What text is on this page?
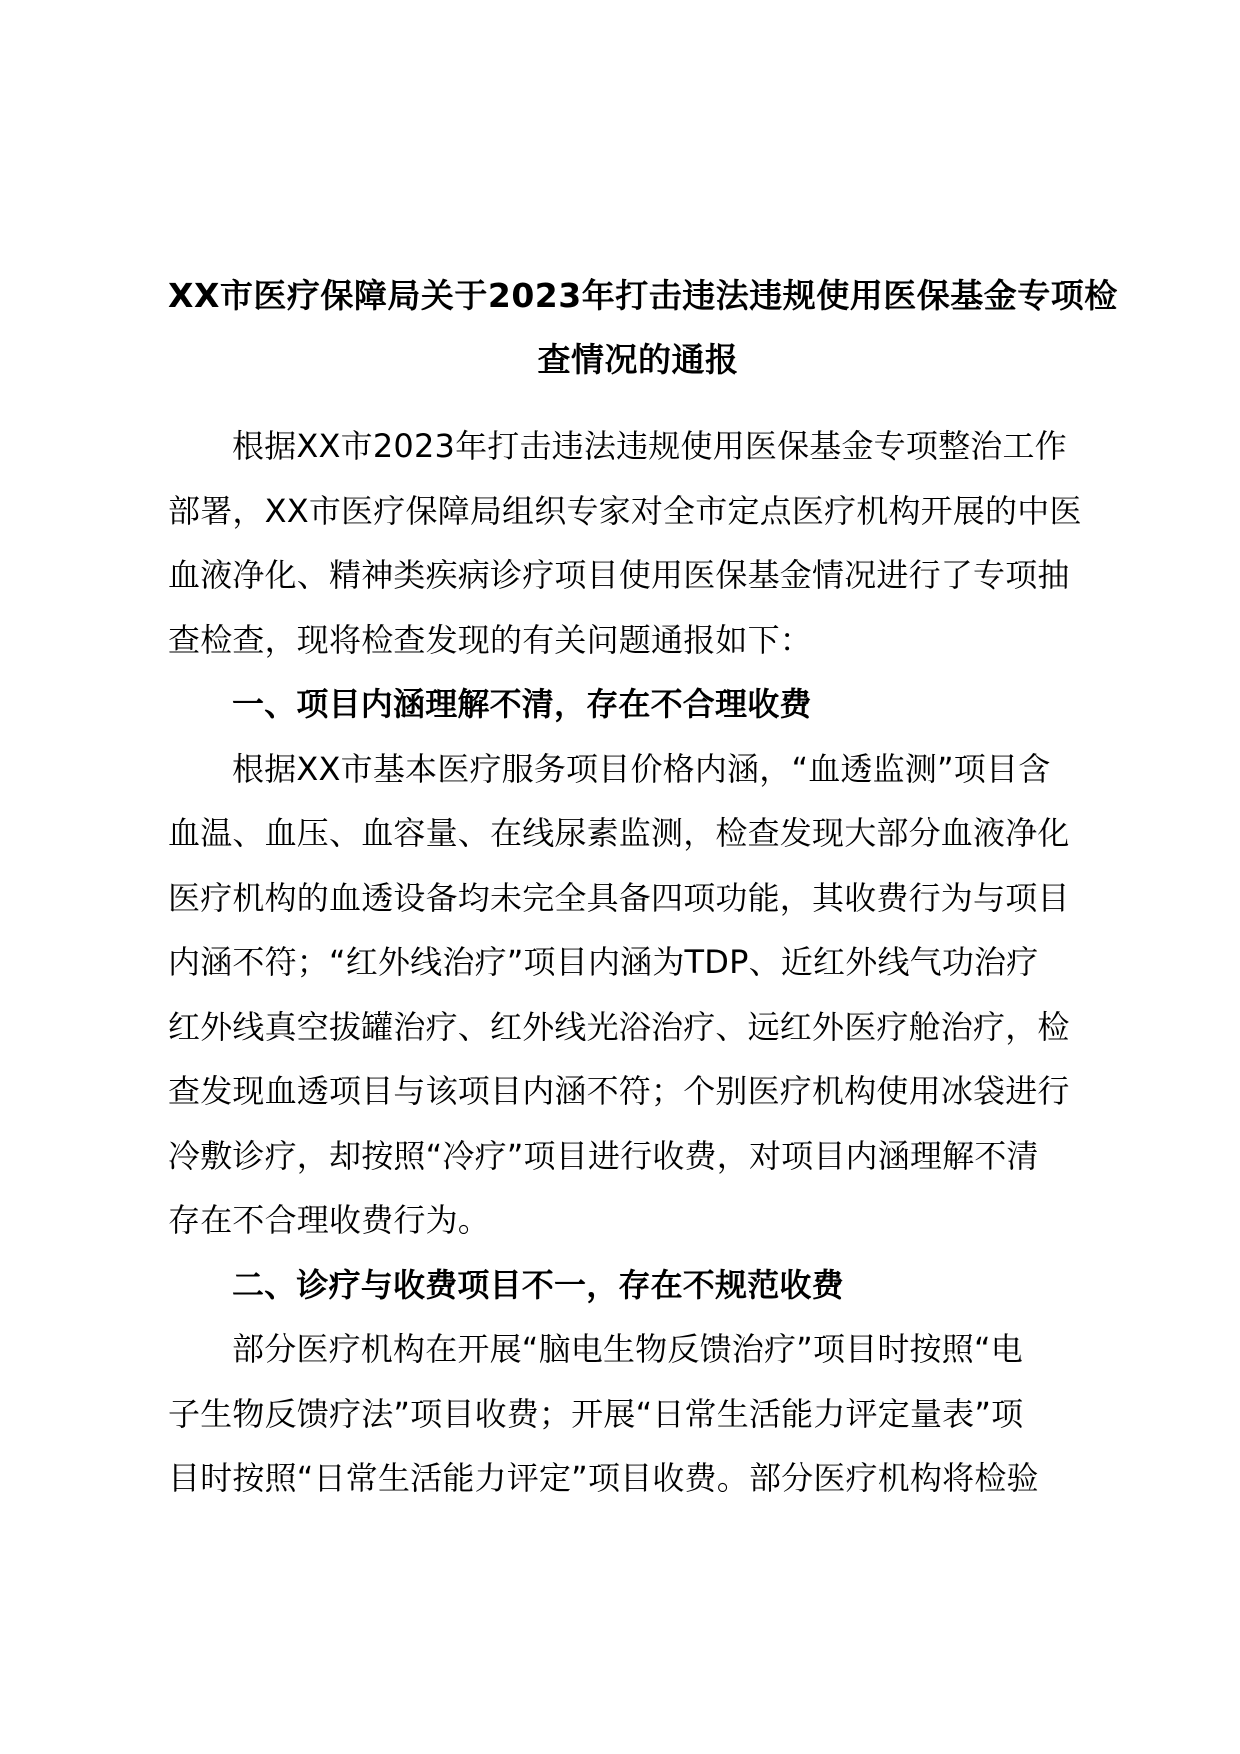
XX市医疗保障局关于2023年打击违法违规使用医保基金专项检
查情况的通报
根据XX市2023年打击违法违规使用医保基金专项整治工作
部署，XX市医疗保障局组织专家对全市定点医疗机构开展的中医
血液净化、精神类疾病诊疗项目使用医保基金情况进行了专项抽
查检查，现将检查发现的有关问题通报如下：
一、项目内涵理解不清，存在不合理收费
根据XX市基本医疗服务项目价格内涵，“血透监测”项目含
血温、血压、血容量、在线尿素监测，检查发现大部分血液净化
医疗机构的血透设备均未完全具备四项功能，其收费行为与项目
内涵不符；“红外线治疗”项目内涵为TDP、近红外线气功治疗
红外线真空拔罐治疗、红外线光浴治疗、远红外医疗舱治疗，检
查发现血透项目与该项目内涵不符；个别医疗机构使用冰袋进行
冷敷诊疗，却按照“冷疗”项目进行收费，对项目内涵理解不清
存在不合理收费行为。
二、诊疗与收费项目不一，存在不规范收费
部分医疗机构在开展“脑电生物反馈治疗”项目时按照“电
子生物反馈疗法”项目收费；开展“日常生活能力评定量表”项
目时按照“日常生活能力评定”项目收费。部分医疗机构将检验
